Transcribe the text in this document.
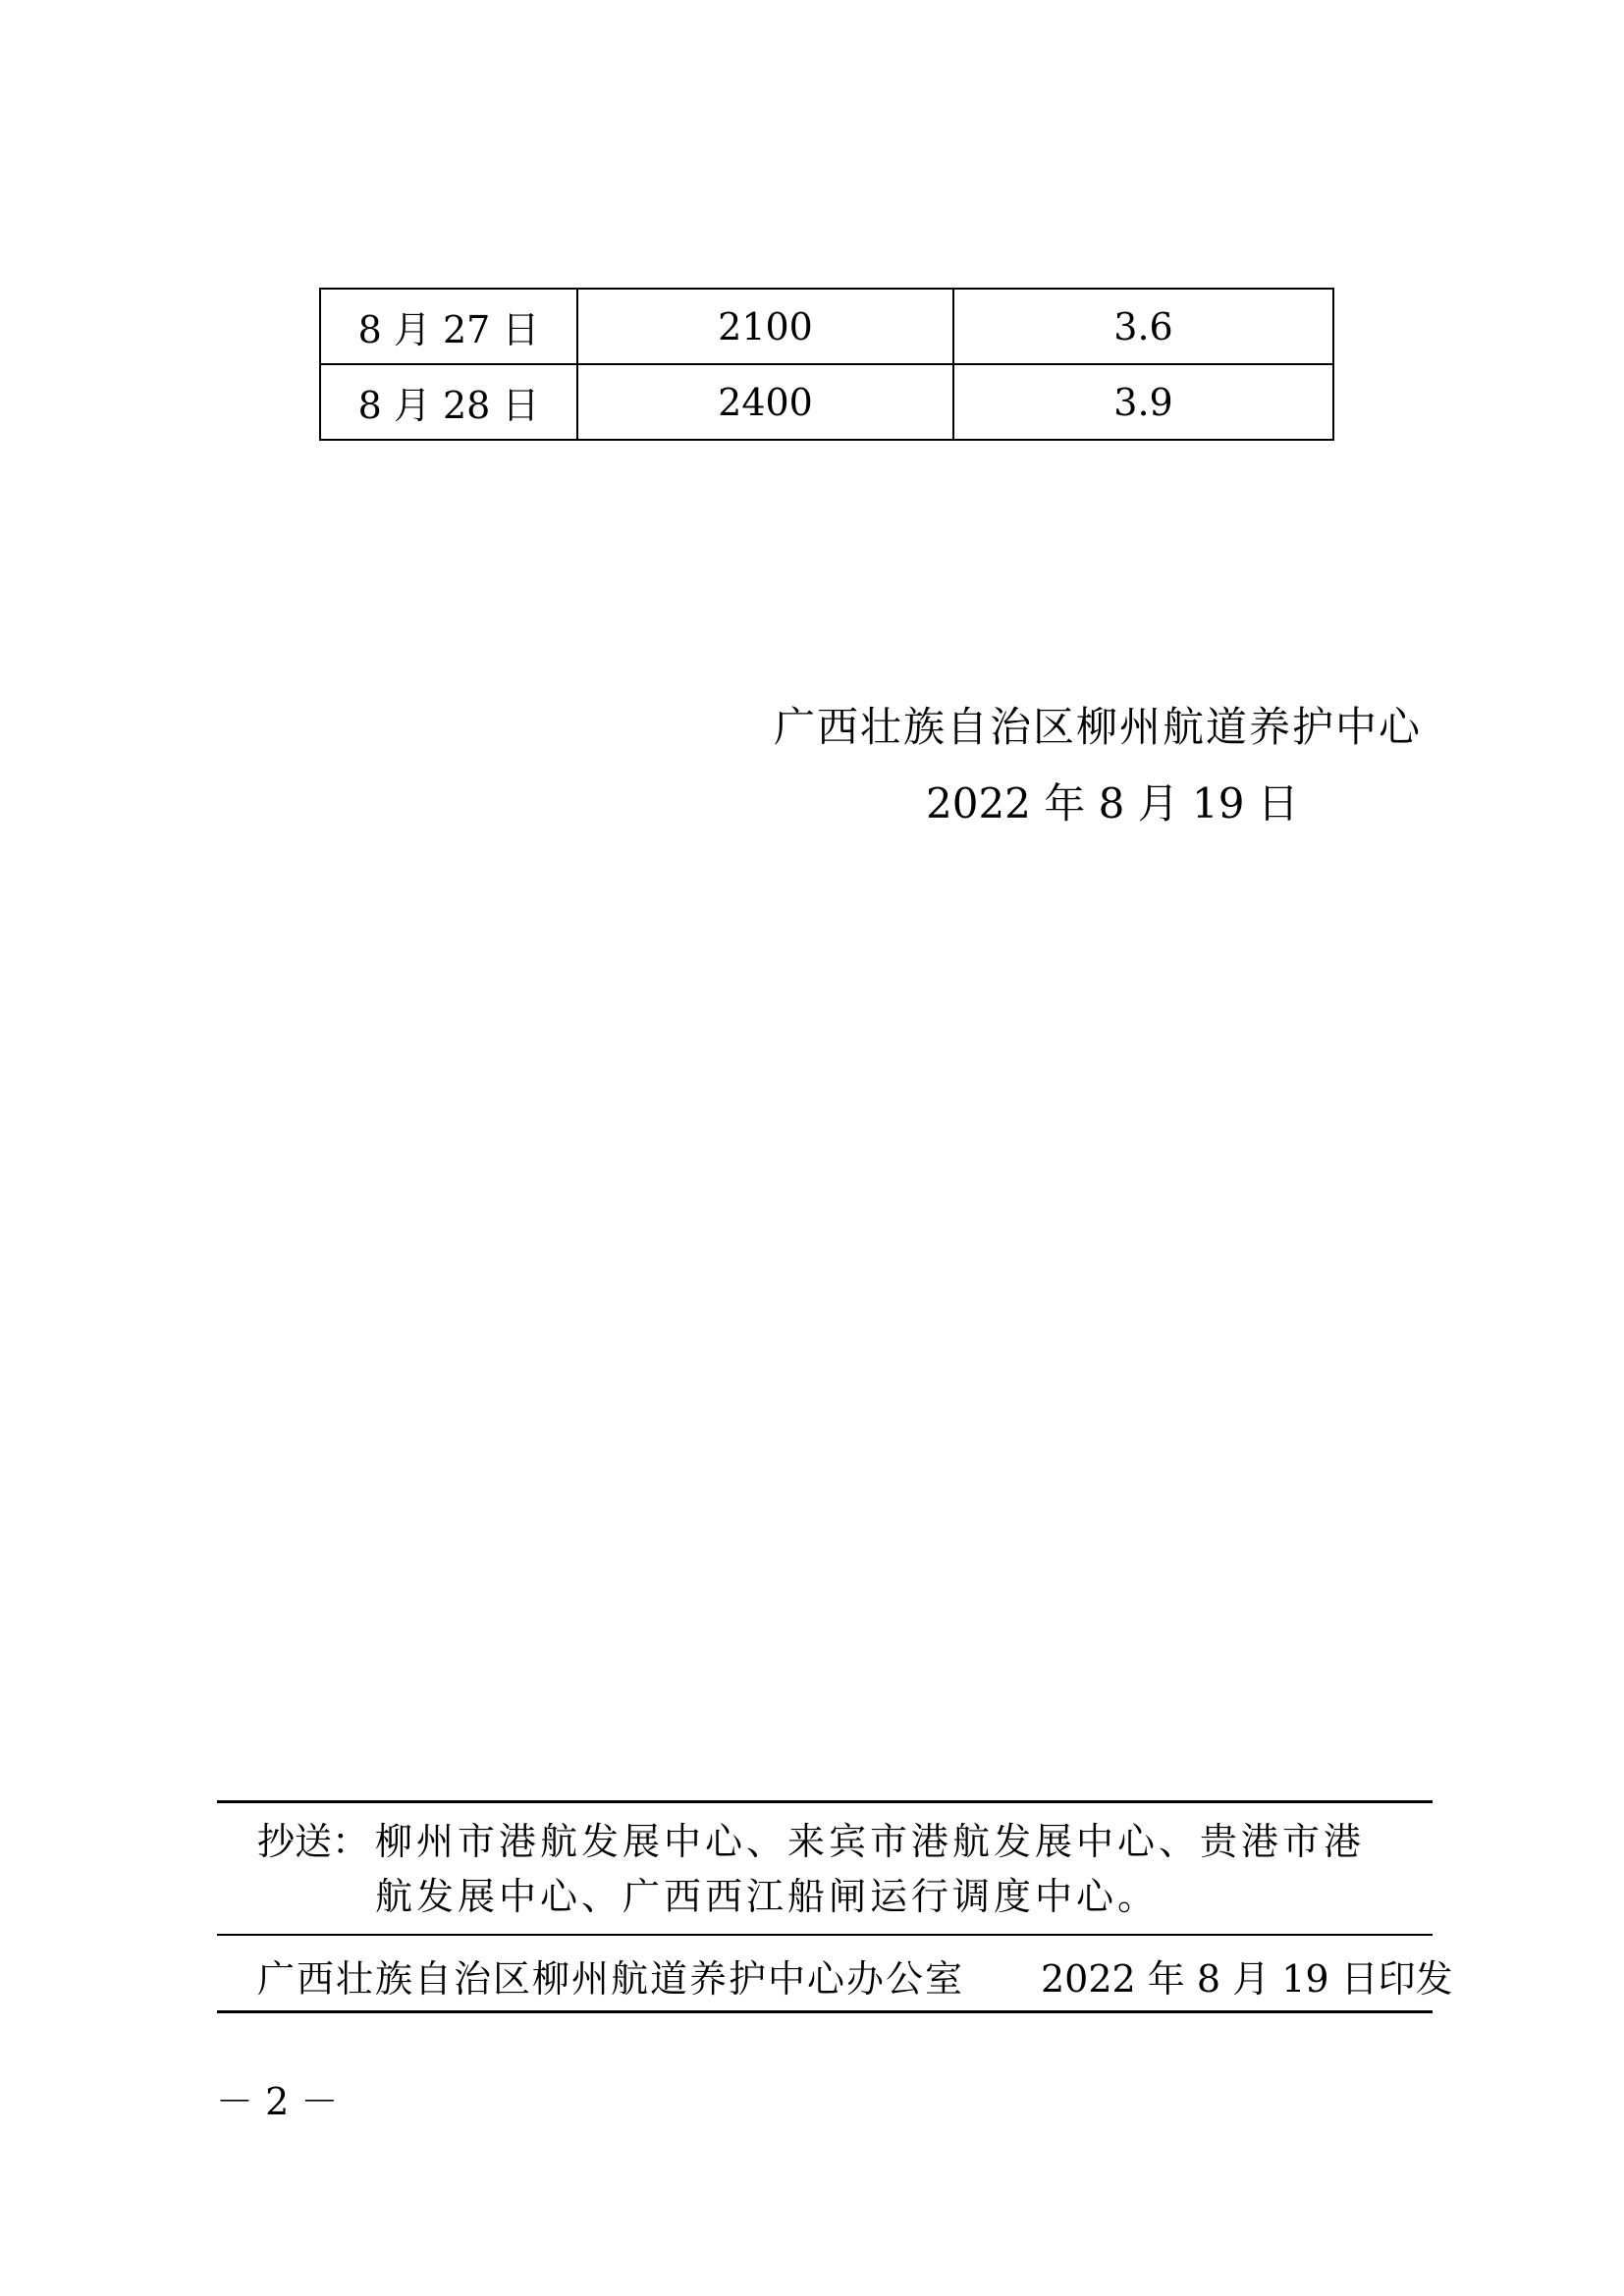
8 月 27 日	2100	3.6
8 月 28 日	2400	3.9
广西壮族自治区柳州航道养护中心
2022 年 8 月 19 日
抄送： 柳州市港航发展中心、来宾市港航发展中心、贵港市港
航发展中心、广西西江船闸运行调度中心。
广西壮族自治区柳州航道养护中心办公室 2022 年 8 月 19 日印发
－ 2 －
